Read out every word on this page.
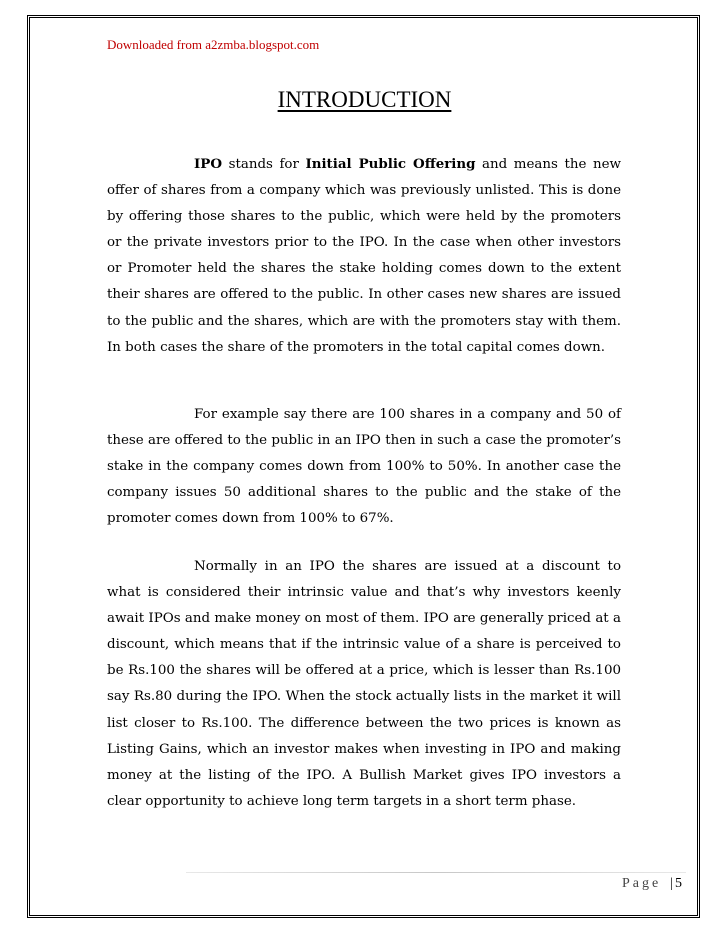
Downloaded from a2zmba.blogspot.com
INTRODUCTION

IPO stands for Initial Public Offering and means the new offer of shares from a company which was previously unlisted. This is done by offering those shares to the public, which were held by the promoters or the private investors prior to the IPO. In the case when other investors or Promoter held the shares the stake holding comes down to the extent their shares are offered to the public. In other cases new shares are issued to the public and the shares, which are with the promoters stay with them. In both cases the share of the promoters in the total capital comes down.

For example say there are 100 shares in a company and 50 of these are offered to the public in an IPO then in such a case the promoter’s stake in the company comes down from 100% to 50%. In another case the company issues 50 additional shares to the public and the stake of the promoter comes down from 100% to 67%.

Normally in an IPO the shares are issued at a discount to what is considered their intrinsic value and that’s why investors keenly await IPOs and make money on most of them. IPO are generally priced at a discount, which means that if the intrinsic value of a share is perceived to be Rs.100 the shares will be offered at a price, which is lesser than Rs.100 say Rs.80 during the IPO. When the stock actually lists in the market it will list closer to Rs.100. The difference between the two prices is known as Listing Gains, which an investor makes when investing in IPO and making money at the listing of the IPO. A Bullish Market gives IPO investors a clear opportunity to achieve long term targets in a short term phase.

Page | 5
